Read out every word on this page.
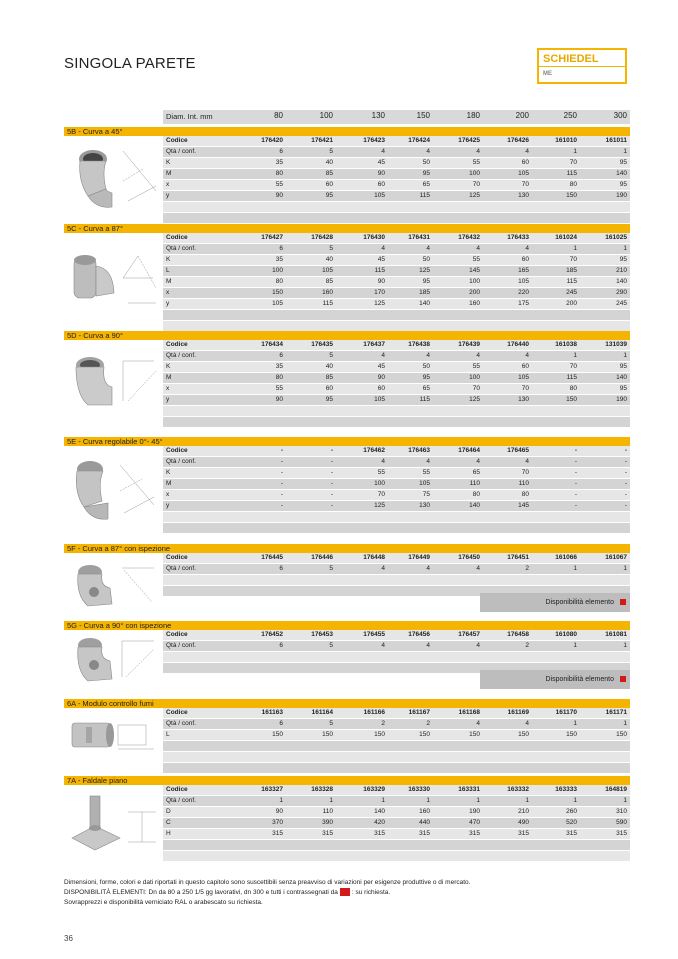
SINGOLA PARETE	SCHIEDEL
ME
Diam. Int. mm	80	100	130	150	180	200	250	300
5B - Curva a 45°
Codice	176420	176421	176423	176424	176425	176426	161010	161011
Qtà / conf.	6	5	4	4	4	4	1	1
K	35	40	45	50	55	60	70	95
M	80	85	90	95	100	105	115	140
x	55	60	60	65	70	70	80	95
y	90	95	105	115	125	130	150	190
5C - Curva a 87°
Codice	176427	176428	176430	176431	176432	176433	161024	161025
Qtà / conf.	6	5	4	4	4	4	1	1
K	35	40	45	50	55	60	70	95
L	100	105	115	125	145	165	185	210
M	80	85	90	95	100	105	115	140
x	150	160	170	185	200	220	245	290
y	105	115	125	140	160	175	200	245
5D - Curva a 90°
Codice	176434	176435	176437	176438	176439	176440	161038	131039
Qtà / conf.	6	5	4	4	4	4	1	1
K	35	40	45	50	55	60	70	95
M	80	85	90	95	100	105	115	140
x	55	60	60	65	70	70	80	95
y	90	95	105	115	125	130	150	190
5E - Curva regolabile 0°- 45°
Codice	-	-	176462	176463	176464	176465	-	-
Qtà / conf.	-	-	4	4	4	4	-	-
K	-	-	55	55	65	70	-	-
M	-	-	100	105	110	110	-	-
x	-	-	70	75	80	80	-	-
y	-	-	125	130	140	145	-	-
5F - Curva a 87° con ispezione
Codice	176445	176446	176448	176449	176450	176451	161066	161067
Qtà / conf.	6	5	4	4	4	2	1	1
Disponibilità elemento
5G - Curva a 90° con ispezione
Codice	176452	176453	176455	176456	176457	176458	161080	161081
Qtà / conf.	6	5	4	4	4	2	1	1
Disponibilità elemento
6A - Modulo controllo fumi
Codice	161163	161164	161166	161167	161168	161169	161170	161171
Qtà / conf.	6	5	2	2	4	4	1	1
L	150	150	150	150	150	150	150	150
7A - Faldale piano
Codice	163327	163328	163329	163330	163331	163332	163333	164819
Qtà / conf.	1	1	1	1	1	1	1	1
D	90	110	140	160	190	210	260	310
C	370	390	420	440	470	490	520	590
H	315	315	315	315	315	315	315	315
Dimensioni, forme, colori e dati riportati in questo capitolo sono suscettibili senza preavviso di variazioni per esigenze produttive o di mercato.
DISPONIBILITÀ ELEMENTI: Dn da 80 a 250 1/5 gg lavorativi, dn 300 e tutti i contrassegnati da : su richiesta.
Sovrapprezzi e disponibilità verniciato RAL o arabescato su richiesta.
36
